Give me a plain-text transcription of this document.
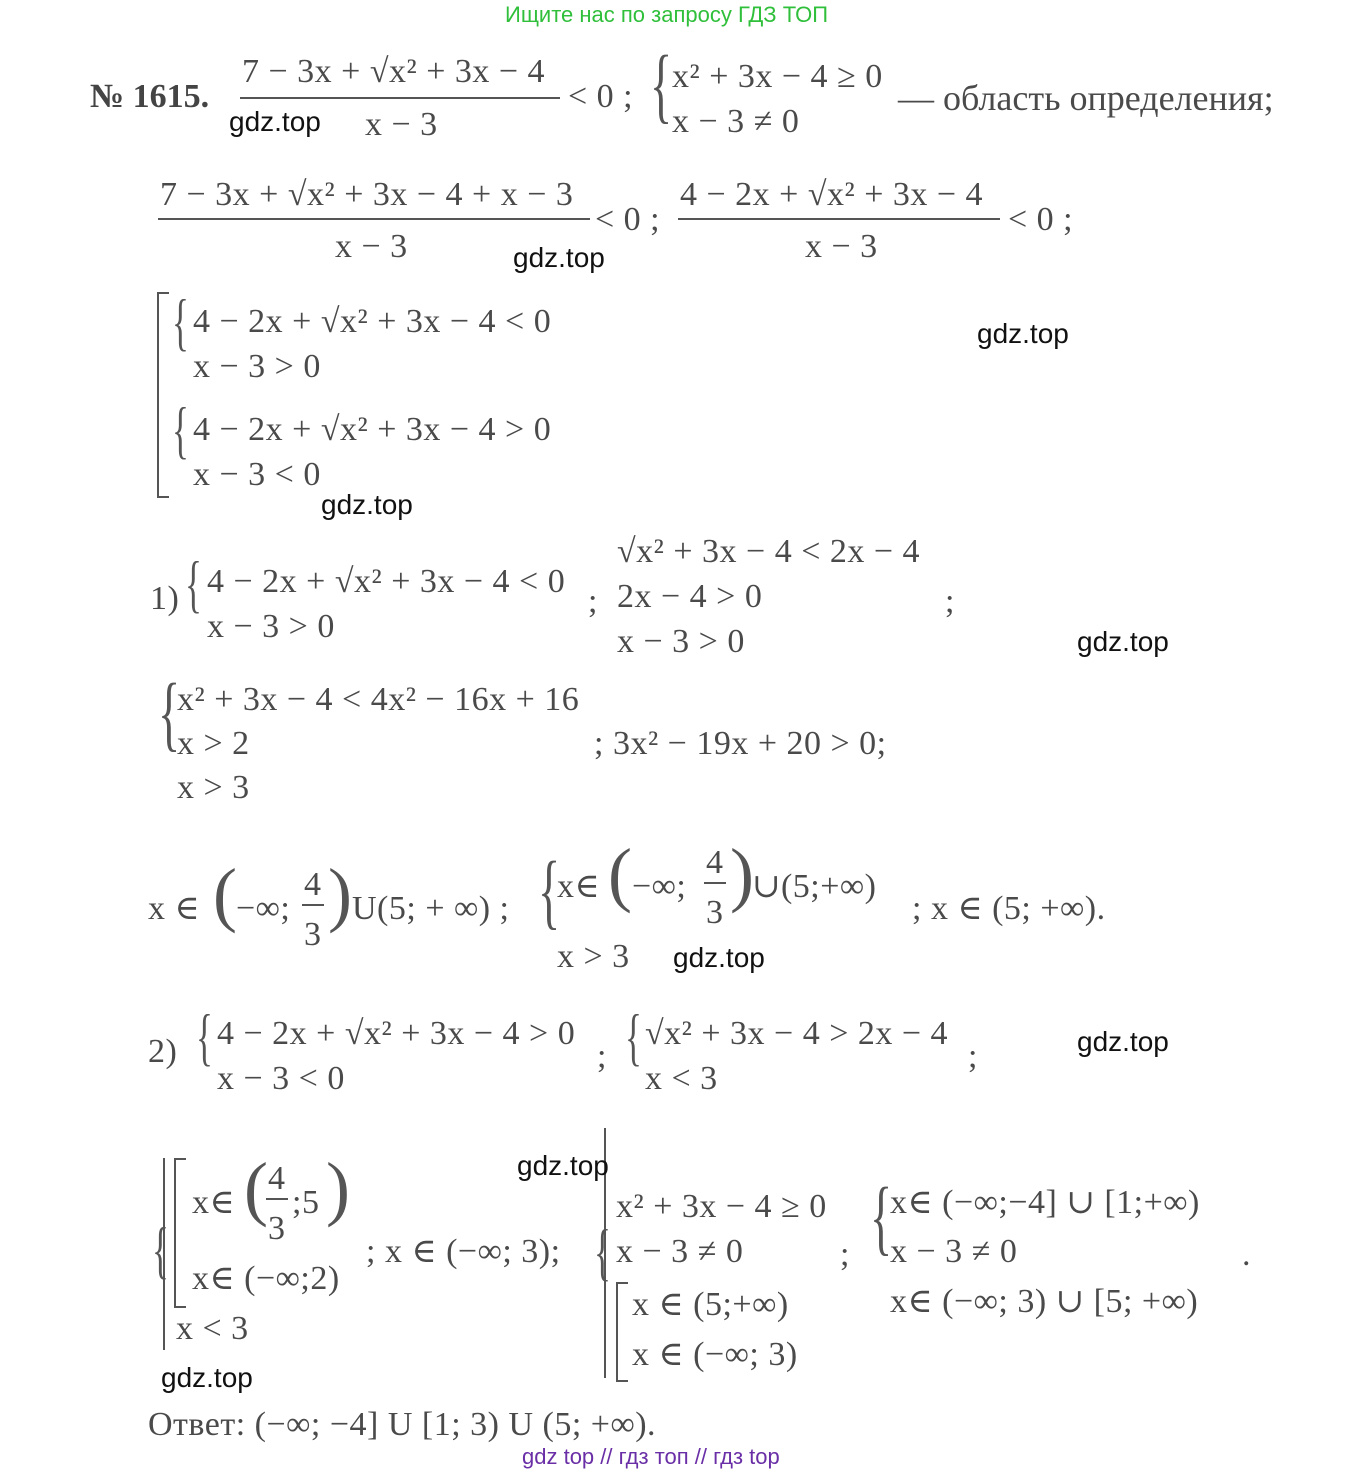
Ищите нас по запросу ГДЗ ТОП
№ 1615.
7 − 3x + √x² + 3x − 4
x − 3
< 0 ; { x² + 3x − 4 ≥ 0
x − 3 ≠ 0
— область определения;
7 − 3x + √x² + 3x − 4 + x − 3
x − 3
< 0 ;
4 − 2x + √x² + 3x − 4
x − 3
< 0 ;
{ 4 − 2x + √x² + 3x − 4 < 0
x − 3 > 0
{ 4 − 2x + √x² + 3x − 4 > 0
x − 3 < 0
1) { 4 − 2x + √x² + 3x − 4 < 0
x − 3 > 0
;
√x² + 3x − 4 < 2x − 4
2x − 4 > 0
x − 3 > 0
;
{
x² + 3x − 4 < 4x² − 16x + 16
x > 2
x > 3
; 3x² − 19x + 20 > 0;
x ∈ ( −∞;
4
3
) U(5; + ∞) ; {
x∈ ( −∞;
4
3 )
∪(5;+∞)
x > 3
; x ∈ (5; +∞).
2) { 4 − 2x + √x² + 3x − 4 > 0
x − 3 < 0
; { √x² + 3x − 4 > 2x − 4
x < 3
;
{
x∈ ( 4
3
;5 )
x∈ (−∞;2)
x < 3
; x ∈ (−∞; 3); {
x² + 3x − 4 ≥ 0
x − 3 ≠ 0
x ∈ (5;+∞)
x ∈ (−∞; 3)
; {
x∈ (−∞;−4] ∪ [1;+∞)
x − 3 ≠ 0
x∈ (−∞; 3) ∪ [5; +∞)
.
Ответ: (−∞; −4] U [1; 3) U (5; +∞).
gdz.top
gdz.top
gdz.top
gdz.top
gdz.top
gdz.top
gdz.top
gdz.top
gdz.top
gdz top // гдз топ // гдз top
